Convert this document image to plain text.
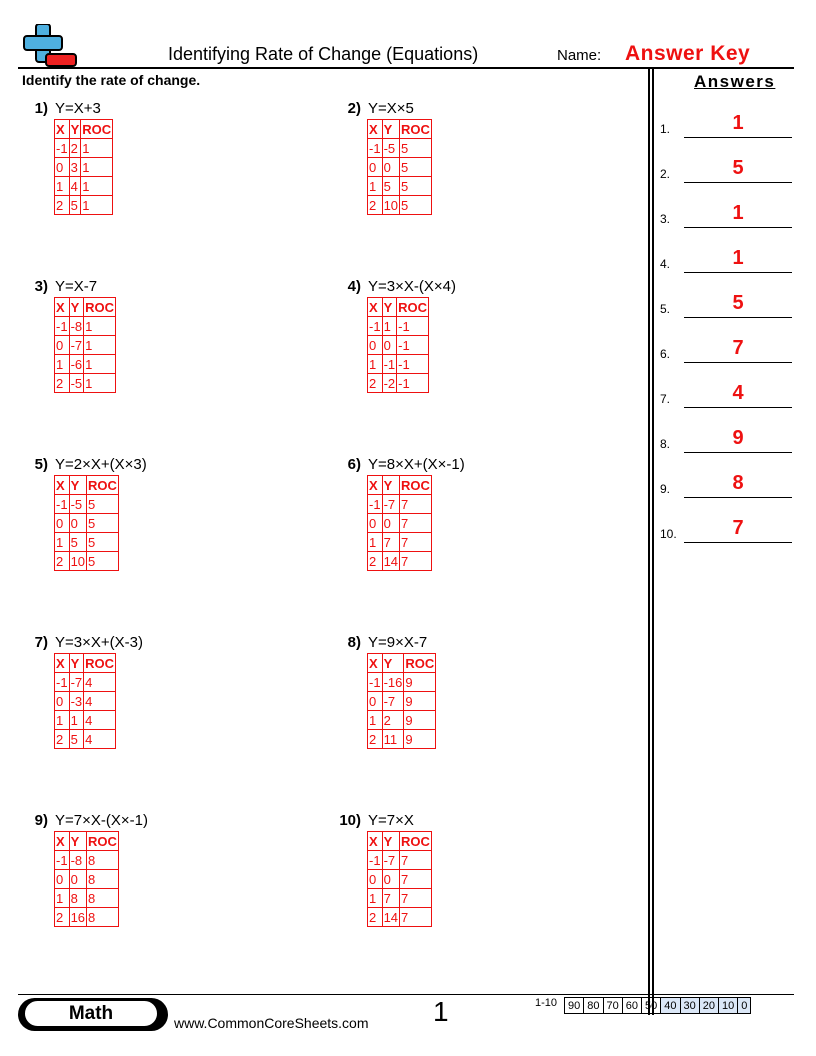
Identifying Rate of Change (Equations)	Name: Answer Key
Identify the rate of change.	Answers
1.	1
2.	5
3.	1
4.	1
5.	5
6.	7
7.	4
8.	9
9.	8
10.	7
1) Y=X+3
X	Y	ROC
-1	2	1
0	3	1
1	4	1
2	5	1
2) Y=X×5
X	Y	ROC
-1	-5	5
0	0	5
1	5	5
2	10	5
3) Y=X-7
X	Y	ROC
-1	-8	1
0	-7	1
1	-6	1
2	-5	1
4) Y=3×X-(X×4)
X	Y	ROC
-1	1	-1
0	0	-1
1	-1	-1
2	-2	-1
5) Y=2×X+(X×3)
X	Y	ROC
-1	-5	5
0	0	5
1	5	5
2	10	5
6) Y=8×X+(X×-1)
X	Y	ROC
-1	-7	7
0	0	7
1	7	7
2	14	7
7) Y=3×X+(X-3)
X	Y	ROC
-1	-7	4
0	-3	4
1	1	4
2	5	4
8) Y=9×X-7
X	Y	ROC
-1	-16	9
0	-7	9
1	2	9
2	11	9
9) Y=7×X-(X×-1)
X	Y	ROC
-1	-8	8
0	0	8
1	8	8
2	16	8
10) Y=7×X
X	Y	ROC
-1	-7	7
0	0	7
1	7	7
2	14	7
Math	www.CommonCoreSheets.com 1	1-10 90	80	70	60	50	40	30	20	10	0
